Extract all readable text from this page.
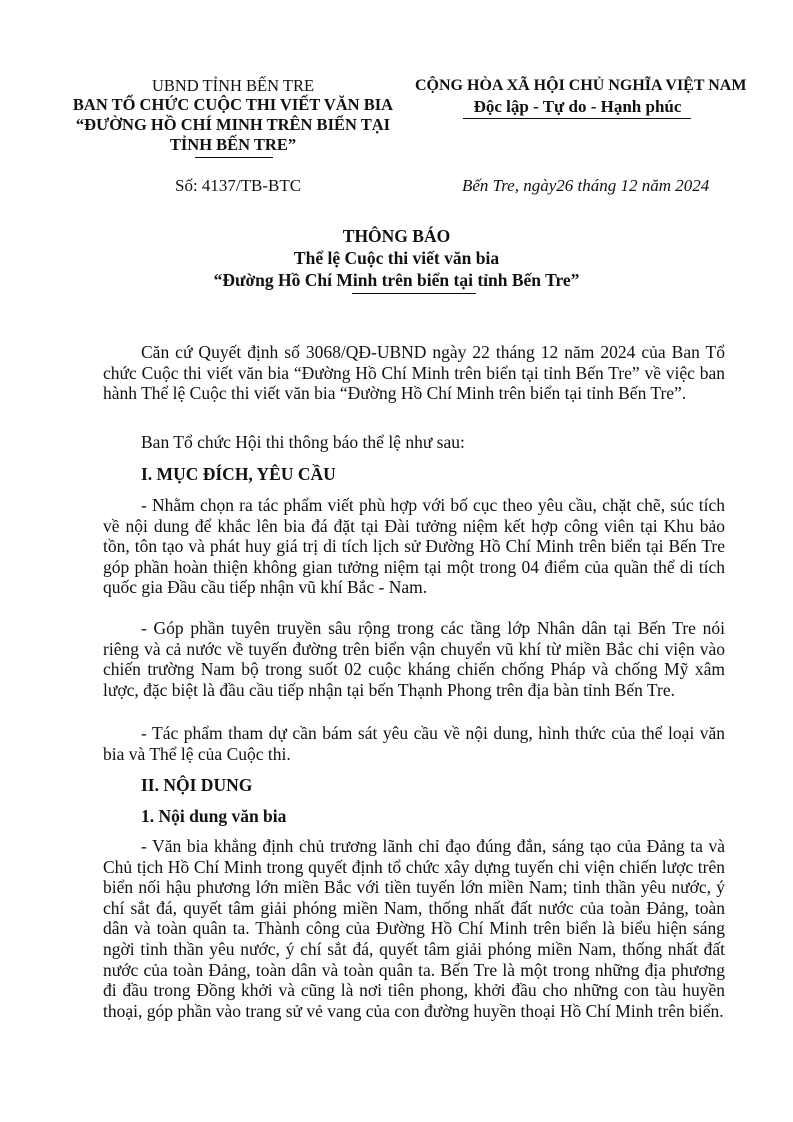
UBND TỈNH BẾN TRE
BAN TỔ CHỨC CUỘC THI VIẾT VĂN BIA
“ĐƯỜNG HỒ CHÍ MINH TRÊN BIỂN TẠI
TỈNH BẾN TRE”
CỘNG HÒA XÃ HỘI CHỦ NGHĨA VIỆT NAM
Độc lập - Tự do - Hạnh phúc
Số: 4137/TB-BTC	Bến Tre, ngày26 tháng 12 năm 2024
THÔNG BÁO
Thể lệ Cuộc thi viết văn bia
“Đường Hồ Chí Minh trên biển tại tỉnh Bến Tre”
Căn cứ Quyết định số 3068/QĐ-UBND ngày 22 tháng 12 năm 2024 của Ban Tổ chức Cuộc thi viết văn bia “Đường Hồ Chí Minh trên biển tại tỉnh Bến Tre” về việc ban hành Thể lệ Cuộc thi viết văn bia “Đường Hồ Chí Minh trên biển tại tỉnh Bến Tre”.
Ban Tổ chức Hội thi thông báo thể lệ như sau:
I. MỤC ĐÍCH, YÊU CẦU
- Nhằm chọn ra tác phẩm viết phù hợp với bố cục theo yêu cầu, chặt chẽ, súc tích về nội dung để khắc lên bia đá đặt tại Đài tưởng niệm kết hợp công viên tại Khu bảo tồn, tôn tạo và phát huy giá trị di tích lịch sử Đường Hồ Chí Minh trên biển tại Bến Tre góp phần hoàn thiện không gian tưởng niệm tại một trong 04 điểm của quần thể di tích quốc gia Đầu cầu tiếp nhận vũ khí Bắc - Nam.
- Góp phần tuyên truyền sâu rộng trong các tầng lớp Nhân dân tại Bến Tre nói riêng và cả nước về tuyến đường trên biển vận chuyển vũ khí từ miền Bắc chi viện vào chiến trường Nam bộ trong suốt 02 cuộc kháng chiến chống Pháp và chống Mỹ xâm lược, đặc biệt là đầu cầu tiếp nhận tại bến Thạnh Phong trên địa bàn tỉnh Bến Tre.
- Tác phẩm tham dự cần bám sát yêu cầu về nội dung, hình thức của thể loại văn bia và Thể lệ của Cuộc thi.
II. NỘI DUNG
1. Nội dung văn bia
- Văn bia khẳng định chủ trương lãnh chỉ đạo đúng đắn, sáng tạo của Đảng ta và Chủ tịch Hồ Chí Minh trong quyết định tổ chức xây dựng tuyến chi viện chiến lược trên biển nối hậu phương lớn miền Bắc với tiền tuyến lớn miền Nam; tinh thần yêu nước, ý chí sắt đá, quyết tâm giải phóng miền Nam, thống nhất đất nước của toàn Đảng, toàn dân và toàn quân ta. Thành công của Đường Hồ Chí Minh trên biển là biểu hiện sáng ngời tinh thần yêu nước, ý chí sắt đá, quyết tâm giải phóng miền Nam, thống nhất đất nước của toàn Đảng, toàn dân và toàn quân ta. Bến Tre là một trong những địa phương đi đầu trong Đồng khởi và cũng là nơi tiên phong, khởi đầu cho những con tàu huyền thoại, góp phần vào trang sử vẻ vang của con đường huyền thoại Hồ Chí Minh trên biển.
